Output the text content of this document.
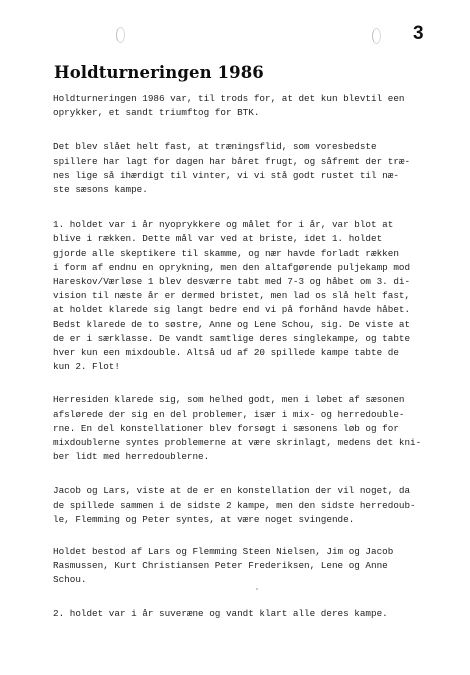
3
Holdturneringen 1986

Holdturneringen 1986 var, til trods for, at det kun blevtil een
oprykker, et sandt triumftog for BTK.

Det blev slået helt fast, at træningsflid, som voresbedste
spillere har lagt for dagen har båret frugt, og såfremt der træ-
nes lige så ihærdigt til vinter, vi vi stå godt rustet til næ-
ste sæsons kampe.

1. holdet var i år nyoprykkere og målet for i år, var blot at
blive i rækken. Dette mål var ved at briste, idet 1. holdet
gjorde alle skeptikere til skamme, og nær havde forladt rækken
i form af endnu en oprykning, men den altafgørende puljekamp mod
Hareskov/Værløse 1 blev desværre tabt med 7-3 og håbet om 3. di-
vision til næste år er dermed bristet, men lad os slå helt fast,
at holdet klarede sig langt bedre end vi på forhånd havde håbet.
Bedst klarede de to søstre, Anne og Lene Schou, sig. De viste at
de er i særklasse. De vandt samtlige deres singlekampe, og tabte
hver kun een mixdouble. Altså ud af 20 spillede kampe tabte de
kun 2. Flot!

Herresiden klarede sig, som helhed godt, men i løbet af sæsonen
afslørede der sig en del problemer, især i mix- og herredouble-
rne. En del konstellationer blev forsøgt i sæsonens løb og for
mixdoublerne syntes problemerne at være skrinlagt, medens det kni-
ber lidt med herredoublerne.

Jacob og Lars, viste at de er en konstellation der vil noget, da
de spillede sammen i de sidste 2 kampe, men den sidste herredoub-
le, Flemming og Peter syntes, at være noget svingende.

Holdet bestod af Lars og Flemming Steen Nielsen, Jim og Jacob
Rasmussen, Kurt Christiansen Peter Frederiksen, Lene og Anne
Schou.

2. holdet var i år suveræne og vandt klart alle deres kampe.
